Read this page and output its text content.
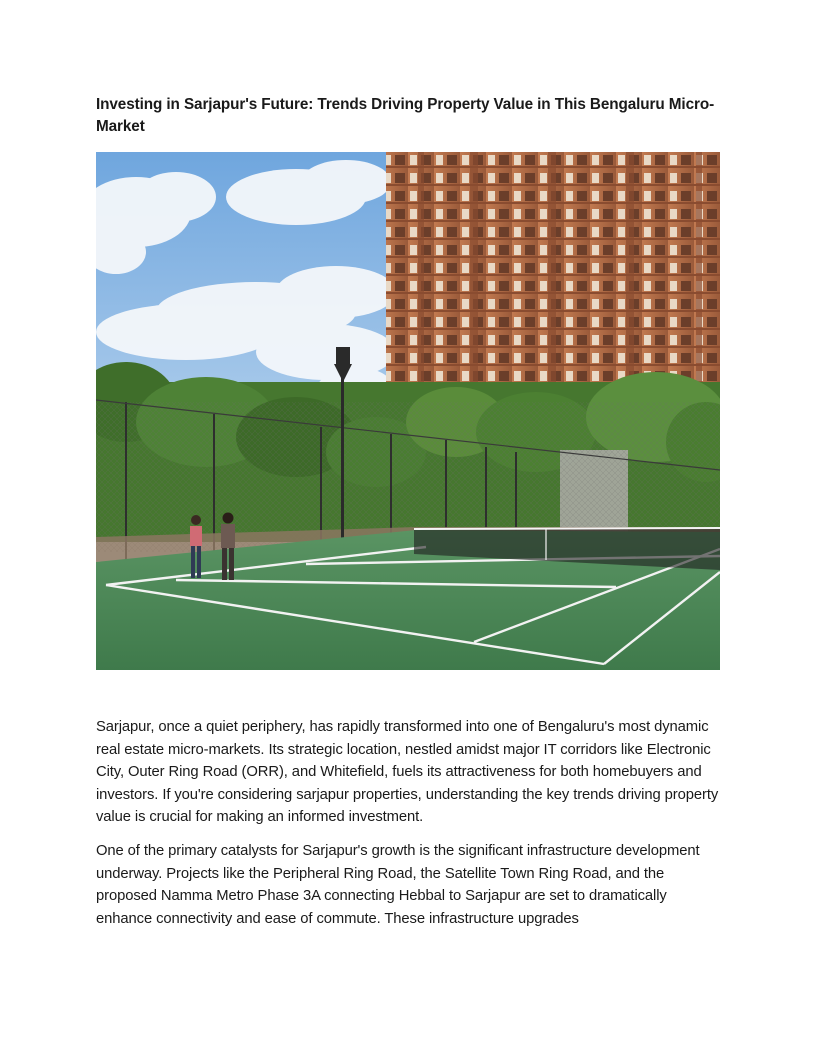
Investing in Sarjapur's Future: Trends Driving Property Value in This Bengaluru Micro-Market

Sarjapur, once a quiet periphery, has rapidly transformed into one of Bengaluru's most dynamic real estate micro-markets. Its strategic location, nestled amidst major IT corridors like Electronic City, Outer Ring Road (ORR), and Whitefield, fuels its attractiveness for both homebuyers and investors. If you're considering sarjapur properties, understanding the key trends driving property value is crucial for making an informed investment.

One of the primary catalysts for Sarjapur's growth is the significant infrastructure development underway. Projects like the Peripheral Ring Road, the Satellite Town Ring Road, and the proposed Namma Metro Phase 3A connecting Hebbal to Sarjapur are set to dramatically enhance connectivity and ease of commute. These infrastructure upgrades
